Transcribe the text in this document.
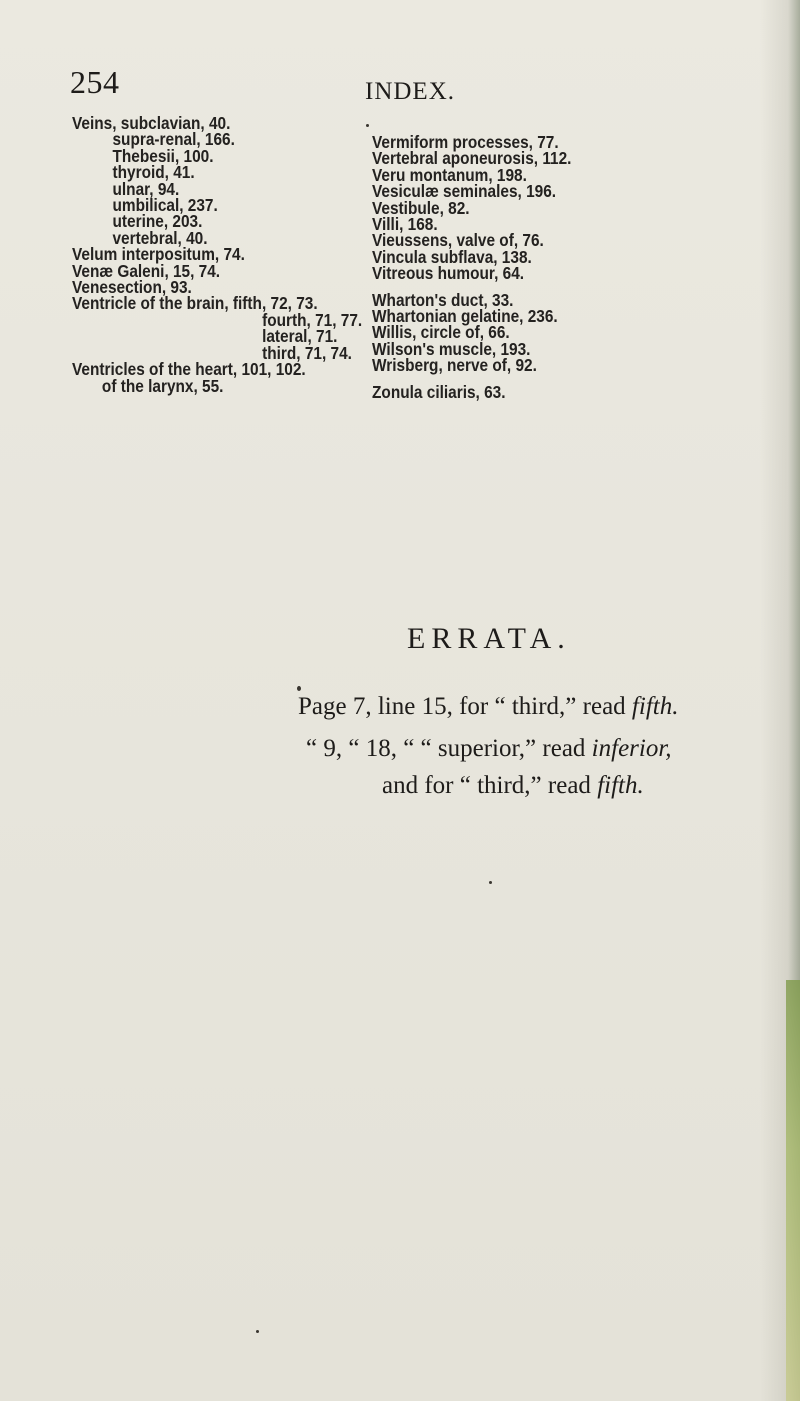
254	INDEX.
Veins, subclavian, 40.
supra-renal, 166.
Thebesii, 100.
thyroid, 41.
ulnar, 94.
umbilical, 237.
uterine, 203.
vertebral, 40.
Velum interpositum, 74.
Venæ Galeni, 15, 74.
Venesection, 93.
Ventricle of the brain, fifth, 72, 73.
fourth, 71, 77.
lateral, 71.
third, 71, 74.
Ventricles of the heart, 101, 102.
of the larynx, 55.
Vermiform processes, 77.
Vertebral aponeurosis, 112.
Veru montanum, 198.
Vesiculæ seminales, 196.
Vestibule, 82.
Villi, 168.
Vieussens, valve of, 76.
Vincula subflava, 138.
Vitreous humour, 64.
Wharton's duct, 33.
Whartonian gelatine, 236.
Willis, circle of, 66.
Wilson's muscle, 193.
Wrisberg, nerve of, 92.
Zonula ciliaris, 63.
ERRATA.
Page 7, line 15, for “ third,” read fifth.
“ 9, “ 18, “ “ superior,” read inferior,
and for “ third,” read fifth.
